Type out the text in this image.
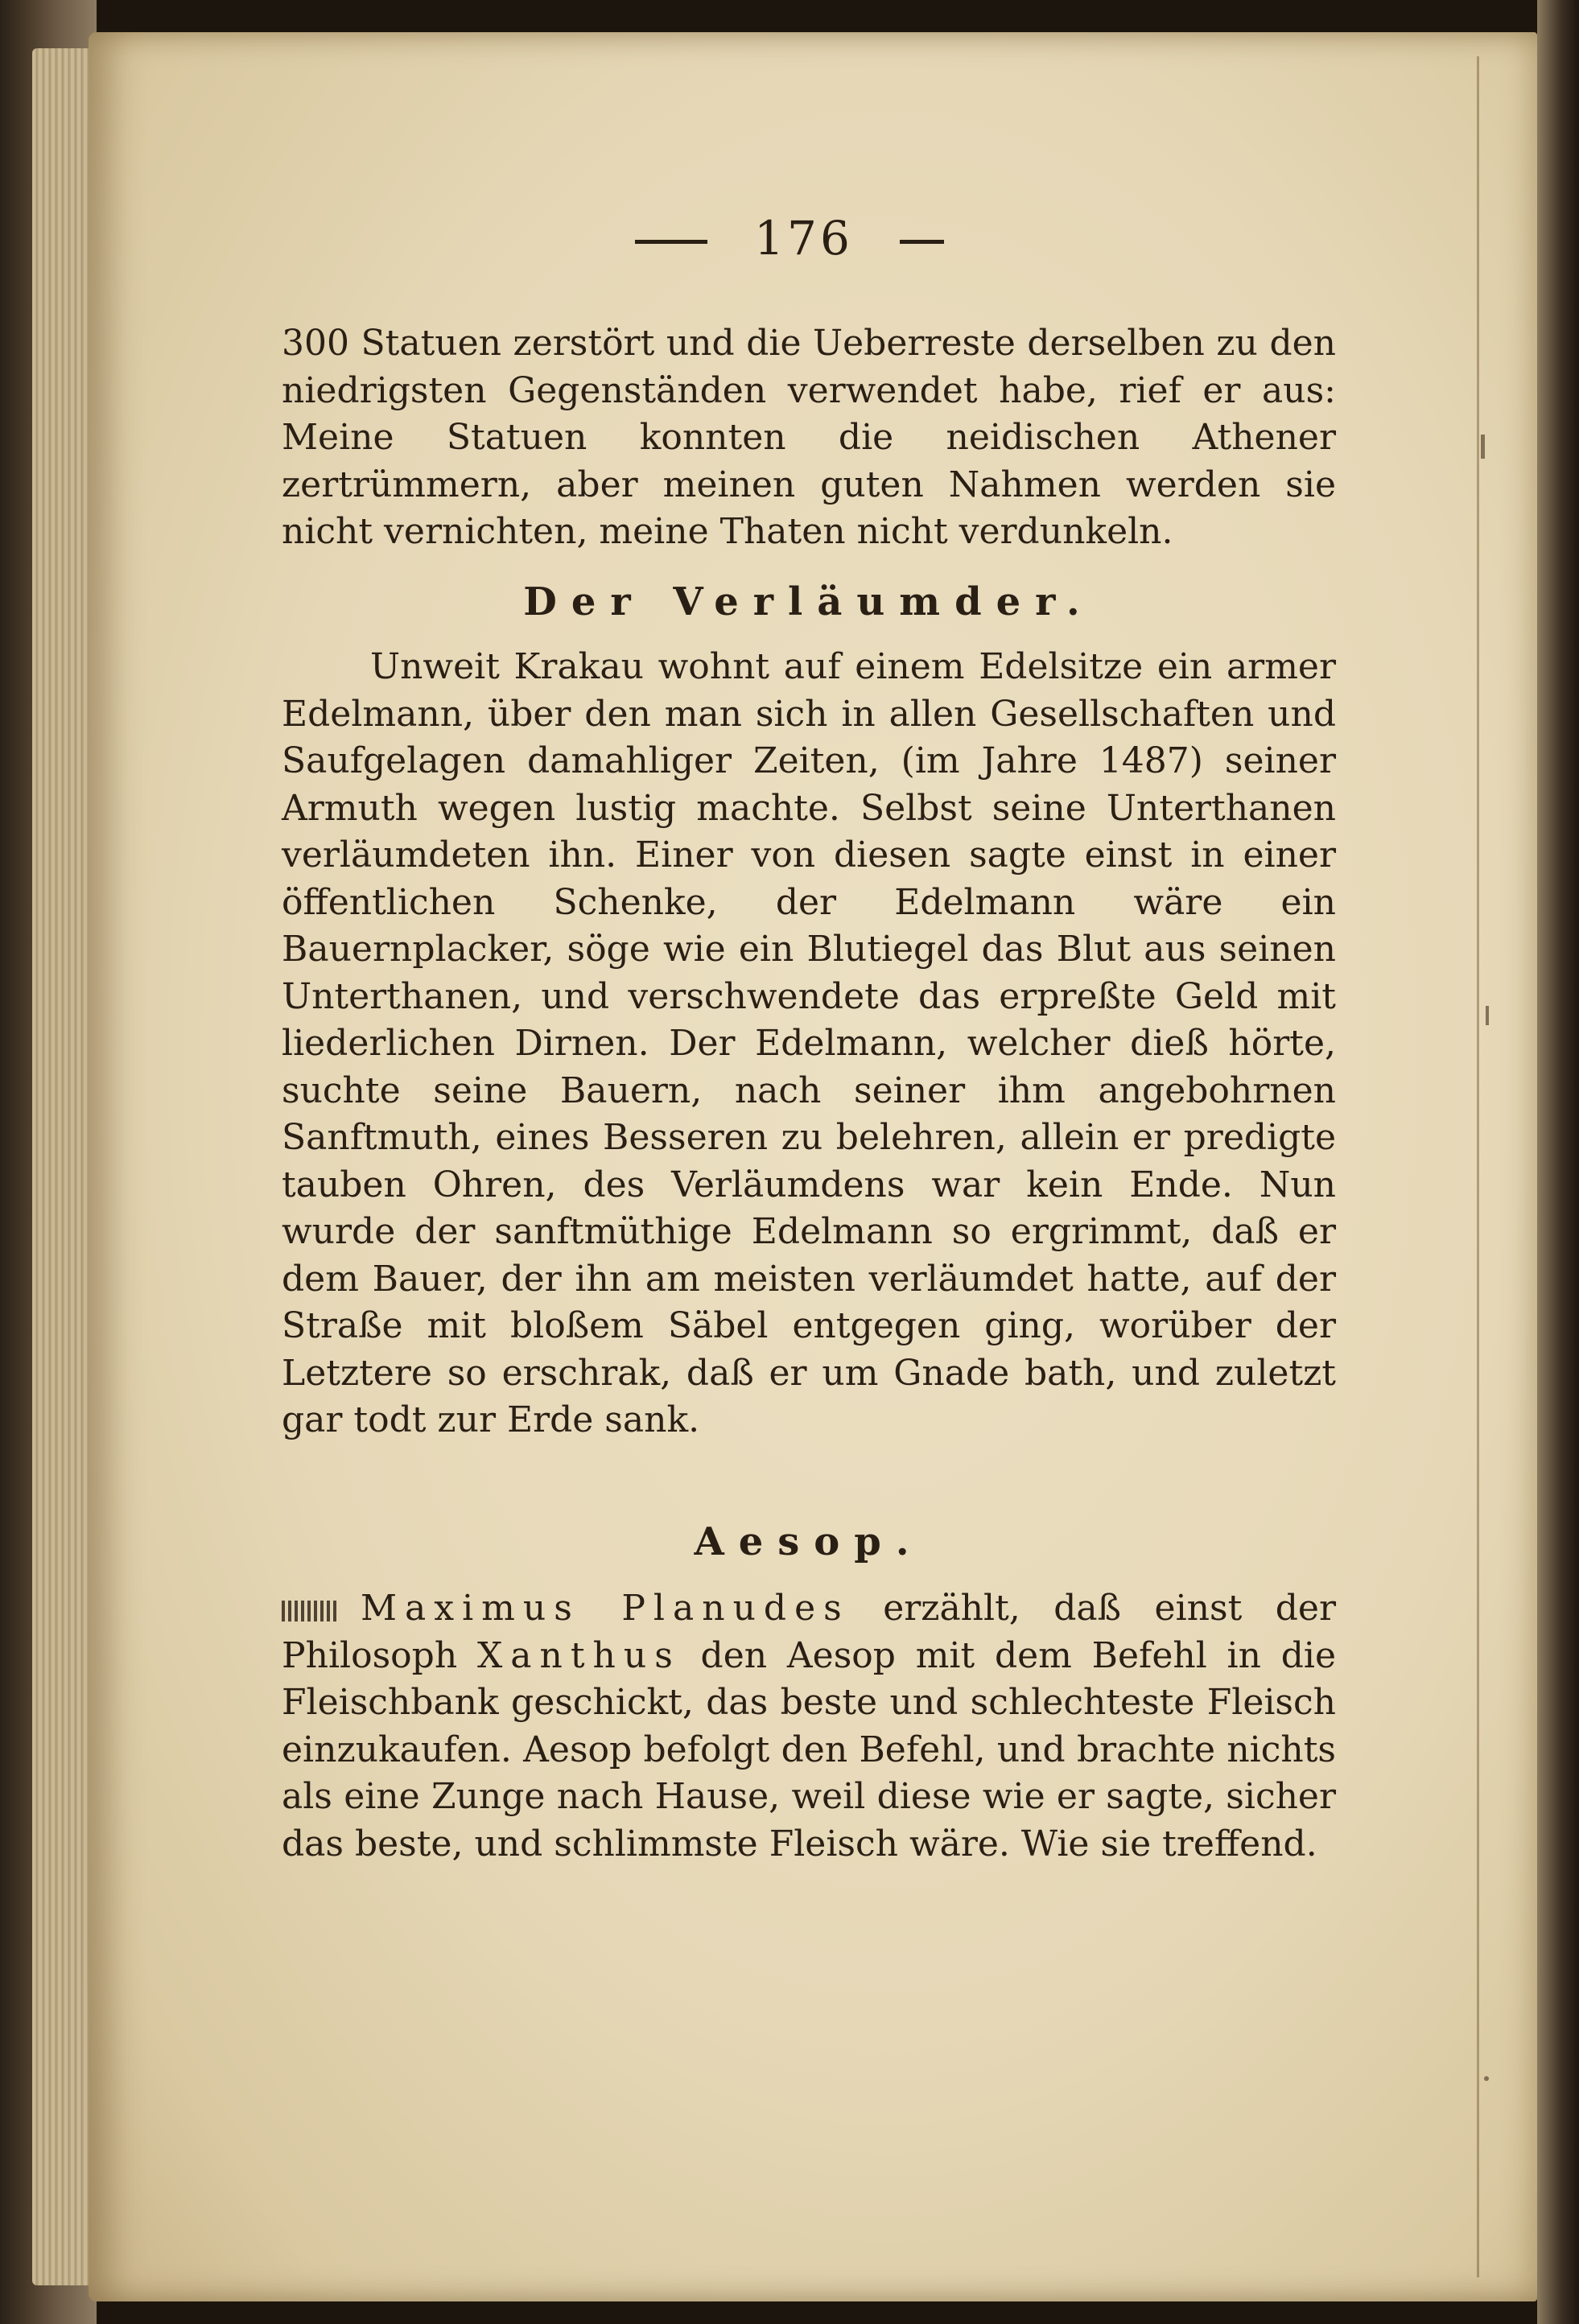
176

300 Statuen zerstört und die Ueberreste derselben zu den niedrigsten Gegenständen verwendet habe, rief er aus: Meine Statuen konnten die neidischen Athener zertrümmern, aber meinen guten Nahmen werden sie nicht vernichten, meine Thaten nicht verdunkeln.

Der Verläumder.

Unweit Krakau wohnt auf einem Edelsitze ein armer Edelmann, über den man sich in allen Gesellschaften und Saufgelagen damahliger Zeiten, (im Jahre 1487) seiner Armuth wegen lustig machte. Selbst seine Unterthanen verläumdeten ihn. Einer von diesen sagte einst in einer öffentlichen Schenke, der Edelmann wäre ein Bauernplacker, söge wie ein Blutiegel das Blut aus seinen Unterthanen, und verschwendete das erpreßte Geld mit liederlichen Dirnen. Der Edelmann, welcher dieß hörte, suchte seine Bauern, nach seiner ihm angebohrnen Sanftmuth, eines Besseren zu belehren, allein er predigte tauben Ohren, des Verläumdens war kein Ende. Nun wurde der sanftmüthige Edelmann so ergrimmt, daß er dem Bauer, der ihn am meisten verläumdet hatte, auf der Straße mit bloßem Säbel entgegen ging, worüber der Letztere so erschrak, daß er um Gnade bath, und zuletzt gar todt zur Erde sank.

Aesop.

Maximus Planudes erzählt, daß einst der Philosoph Xanthus den Aesop mit dem Befehl in die Fleischbank geschickt, das beste und schlechteste Fleisch einzukaufen. Aesop befolgt den Befehl, und brachte nichts als eine Zunge nach Hause, weil diese wie er sagte, sicher das beste, und schlimmste Fleisch wäre. Wie sie treffend.
